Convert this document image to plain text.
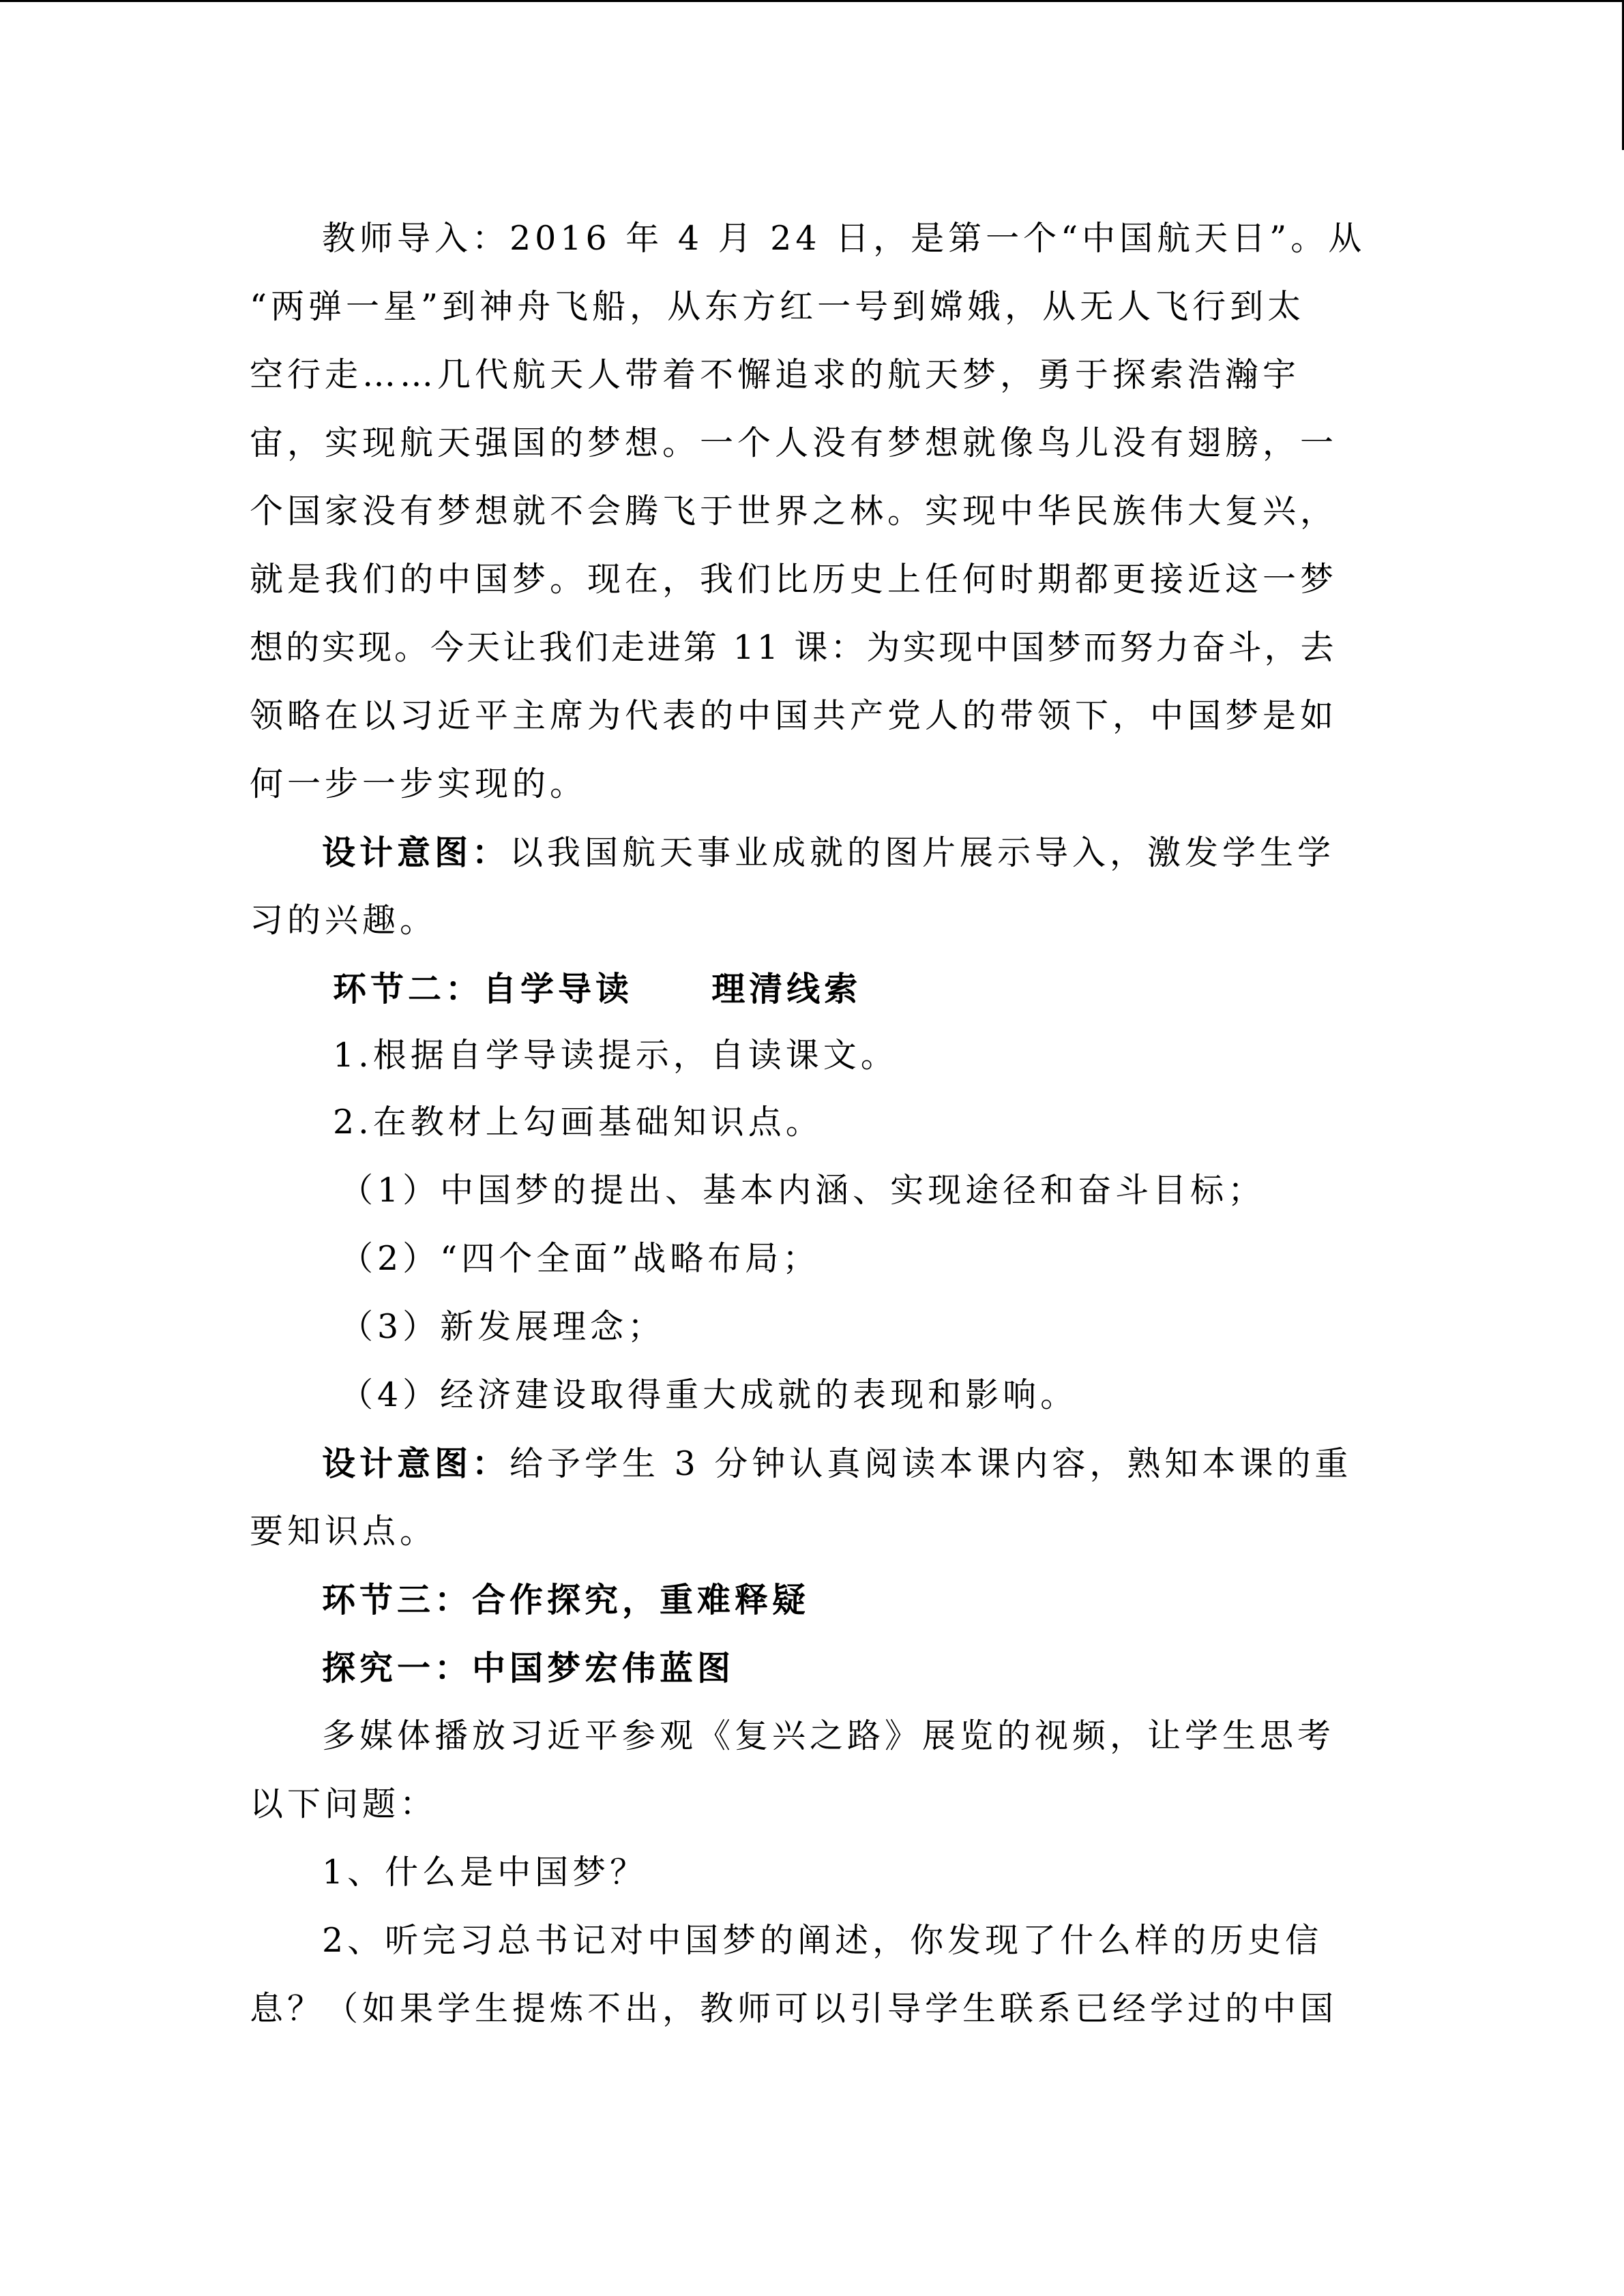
教师导入：2016 年 4 月 24 日，是第一个“中国航天日”。从
“两弹一星”到神舟飞船，从东方红一号到嫦娥，从无人飞行到太
空行走……几代航天人带着不懈追求的航天梦，勇于探索浩瀚宇
宙，实现航天强国的梦想。一个人没有梦想就像鸟儿没有翅膀，一
个国家没有梦想就不会腾飞于世界之林。实现中华民族伟大复兴，
就是我们的中国梦。现在，我们比历史上任何时期都更接近这一梦
想的实现。今天让我们走进第 11 课：为实现中国梦而努力奋斗，去
领略在以习近平主席为代表的中国共产党人的带领下，中国梦是如
何一步一步实现的。
设计意图：以我国航天事业成就的图片展示导入，激发学生学
习的兴趣。
环节二：自学导读     理清线索
1.根据自学导读提示，自读课文。
2.在教材上勾画基础知识点。
（1）中国梦的提出、基本内涵、实现途径和奋斗目标；
（2）“四个全面”战略布局；
（3）新发展理念；
（4）经济建设取得重大成就的表现和影响。
设计意图：给予学生 3 分钟认真阅读本课内容，熟知本课的重
要知识点。
环节三：合作探究，重难释疑
探究一：中国梦宏伟蓝图
多媒体播放习近平参观《复兴之路》展览的视频，让学生思考
以下问题：
1、什么是中国梦？
2、听完习总书记对中国梦的阐述，你发现了什么样的历史信
息？（如果学生提炼不出，教师可以引导学生联系已经学过的中国
